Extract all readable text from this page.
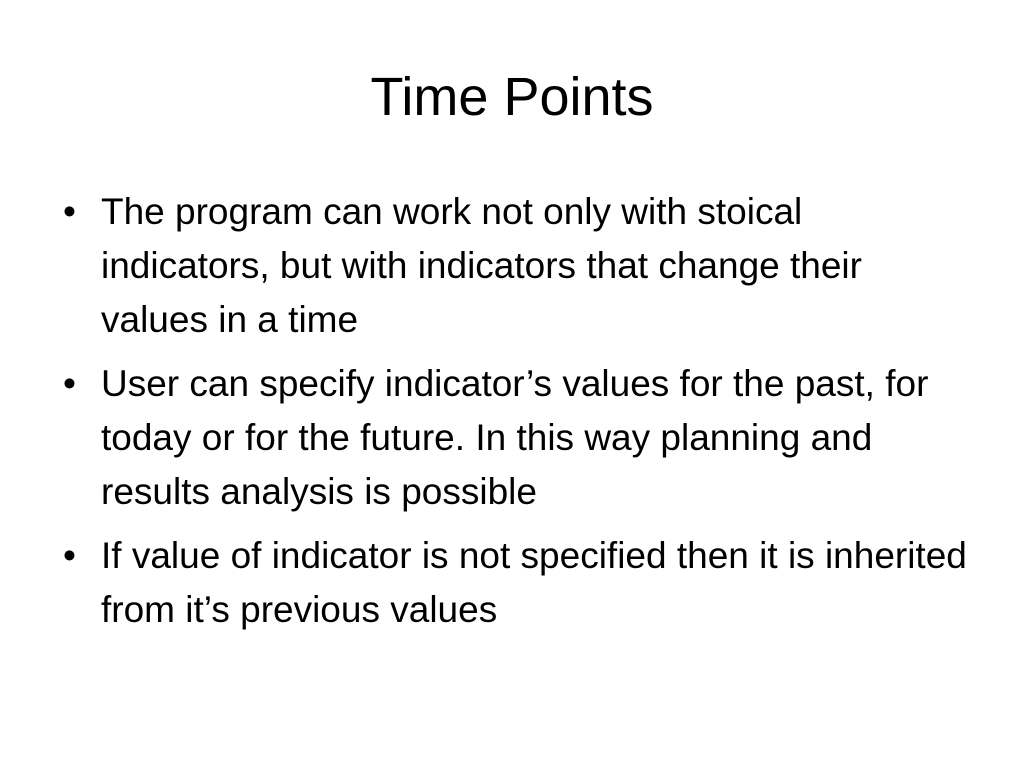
Time Points
• The program can work not only with stoical indicators, but with indicators that change their values in a time
• User can specify indicator’s values for the past, for today or for the future. In this way planning and results analysis is possible
• If value of indicator is not specified then it is inherited from it’s previous values
